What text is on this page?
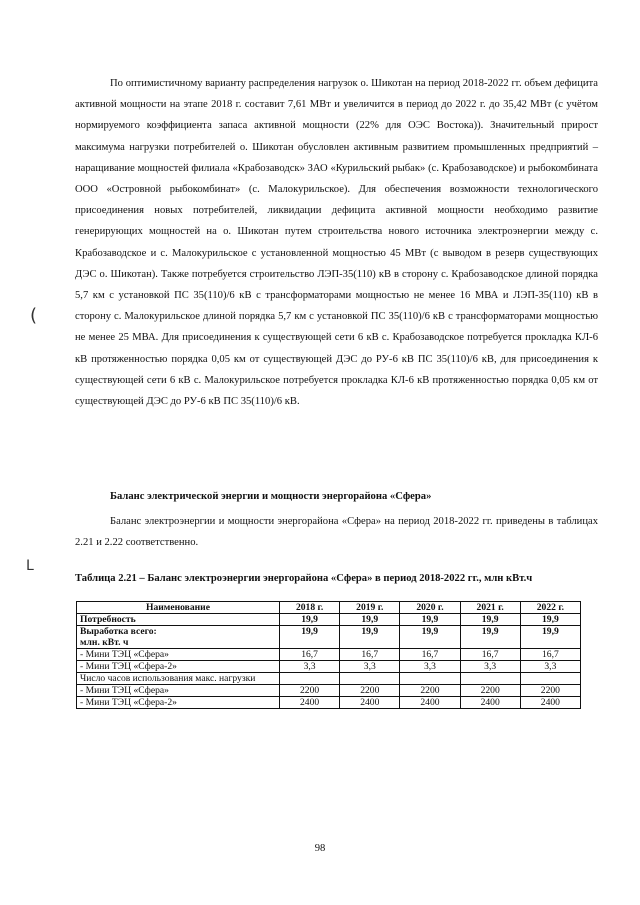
(
L

По оптимистичному варианту распределения нагрузок о. Шикотан на период 2018-2022 гг. объем дефицита активной мощности на этапе 2018 г. составит 7,61 МВт и увеличится в период до 2022 г. до 35,42 МВт (с учётом нормируемого коэффициента запаса активной мощности (22% для ОЭС Востока)). Значительный прирост максимума нагрузки потребителей о. Шикотан обусловлен активным развитием промышленных предприятий – наращивание мощностей филиала «Крабозаводск» ЗАО «Курильский рыбак» (с. Крабозаводское) и рыбокомбината ООО «Островной рыбокомбинат» (с. Малокурильское). Для обеспечения возможности технологического присоединения новых потребителей, ликвидации дефицита активной мощности необходимо развитие генерирующих мощностей на о. Шикотан путем строительства нового источника электроэнергии между с. Крабозаводское и с. Малокурильское с установленной мощностью 45 МВт (с выводом в резерв существующих ДЭС о. Шикотан). Также потребуется строительство ЛЭП-35(110) кВ в сторону с. Крабозаводское длиной порядка 5,7 км с установкой ПС 35(110)/6 кВ с трансформаторами мощностью не менее 16 МВА и ЛЭП-35(110) кВ в сторону с. Малокурильское длиной порядка 5,7 км с установкой ПС 35(110)/6 кВ с трансформаторами мощностью не менее 25 МВА. Для присоединения к существующей сети 6 кВ с. Крабозаводское потребуется прокладка КЛ-6 кВ протяженностью порядка 0,05 км от существующей ДЭС до РУ-6 кВ ПС 35(110)/6 кВ, для присоединения к существующей сети 6 кВ с. Малокурильское потребуется прокладка КЛ-6 кВ протяженностью порядка 0,05 км от существующей ДЭС до РУ-6 кВ ПС 35(110)/6 кВ.

Баланс электрической энергии и мощности энергорайона «Сфера»

Баланс электроэнергии и мощности энергорайона «Сфера» на период 2018-2022 гг. приведены в таблицах 2.21 и 2.22 соответственно.

Таблица 2.21 – Баланс электроэнергии энергорайона «Сфера» в период 2018-2022 гг., млн кВт.ч

Наименование	2018 г.	2019 г.	2020 г.	2021 г.	2022 г.
Потребность	19,9	19,9	19,9	19,9	19,9
Выработка всего:
млн. кВт. ч	19,9	19,9	19,9	19,9	19,9
- Мини ТЭЦ «Сфера»	16,7	16,7	16,7	16,7	16,7
- Мини ТЭЦ «Сфера-2»	3,3	3,3	3,3	3,3	3,3
Число часов использования макс. нагрузки					
- Мини ТЭЦ «Сфера»	2200	2200	2200	2200	2200
- Мини ТЭЦ «Сфера-2»	2400	2400	2400	2400	2400
98
